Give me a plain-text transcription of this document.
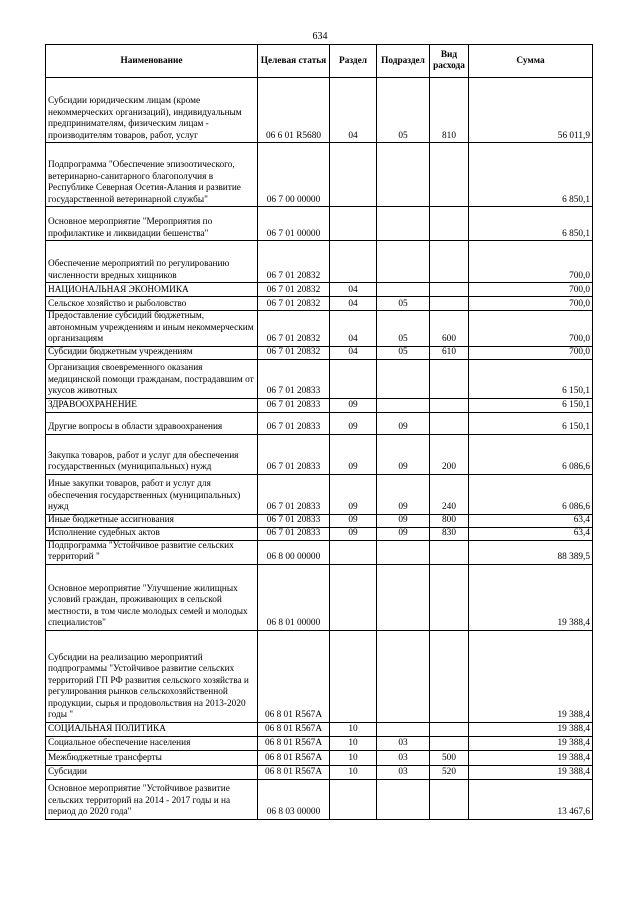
634
Наименование	Целевая статья	Раздел	Подраздел	Вид расхода	Сумма
Субсидии юридическим лицам (кроме некоммерческих организаций), индивидуальным предпринимателям, физическим лицам - производителям товаров, работ, услуг	06 6 01 R5680	04	05	810	56 011,9
Подпрограмма "Обеспечение эпизоотического, ветеринарно-санитарного благополучия в Республике Северная Осетия-Алания и развитие государственной ветеринарной службы"	06 7 00 00000				6 850,1
Основное мероприятие "Мероприятия по профилактике и ликвидации бешенства"	06 7 01 00000				6 850,1
Обеспечение мероприятий по регулированию численности вредных хищников	06 7 01 20832				700,0
НАЦИОНАЛЬНАЯ ЭКОНОМИКА	06 7 01 20832	04			700,0
Сельское хозяйство и рыболовство	06 7 01 20832	04	05		700,0
Предоставление субсидий бюджетным, автономным учреждениям и иным некоммерческим организациям	06 7 01 20832	04	05	600	700,0
Субсидии бюджетным учреждениям	06 7 01 20832	04	05	610	700,0
Организация своевременного оказания медицинской помощи гражданам, пострадавшим от укусов животных	06 7 01 20833				6 150,1
ЗДРАВООХРАНЕНИЕ	06 7 01 20833	09			6 150,1
Другие вопросы в области здравоохранения	06 7 01 20833	09	09		6 150,1
Закупка товаров, работ и услуг для обеспечения государственных (муниципальных) нужд	06 7 01 20833	09	09	200	6 086,6
Иные закупки товаров, работ и услуг для обеспечения государственных (муниципальных) нужд	06 7 01 20833	09	09	240	6 086,6
Иные бюджетные ассигнования	06 7 01 20833	09	09	800	63,4
Исполнение судебных актов	06 7 01 20833	09	09	830	63,4
Подпрограмма "Устойчивое развитие сельских территорий "	06 8 00 00000				88 389,5
Основное мероприятие "Улучшение жилищных условий граждан, проживающих в сельской местности, в том числе молодых семей и молодых специалистов"	06 8 01 00000				19 388,4
Субсидии на реализацию мероприятий подпрограммы "Устойчивое развитие сельских территорий ГП РФ развития сельского хозяйства и регулирования рынков сельскохозяйственной продукции, сырья и продовольствия на 2013-2020 годы "	06 8 01 R567A				19 388,4
СОЦИАЛЬНАЯ ПОЛИТИКА	06 8 01 R567A	10			19 388,4
Социальное обеспечение населения	06 8 01 R567A	10	03		19 388,4
Межбюджетные трансферты	06 8 01 R567A	10	03	500	19 388,4
Субсидии	06 8 01 R567A	10	03	520	19 388,4
Основное мероприятие "Устойчивое развитие сельских территорий на 2014 - 2017 годы и на период до 2020 года"	06 8 03 00000				13 467,6
